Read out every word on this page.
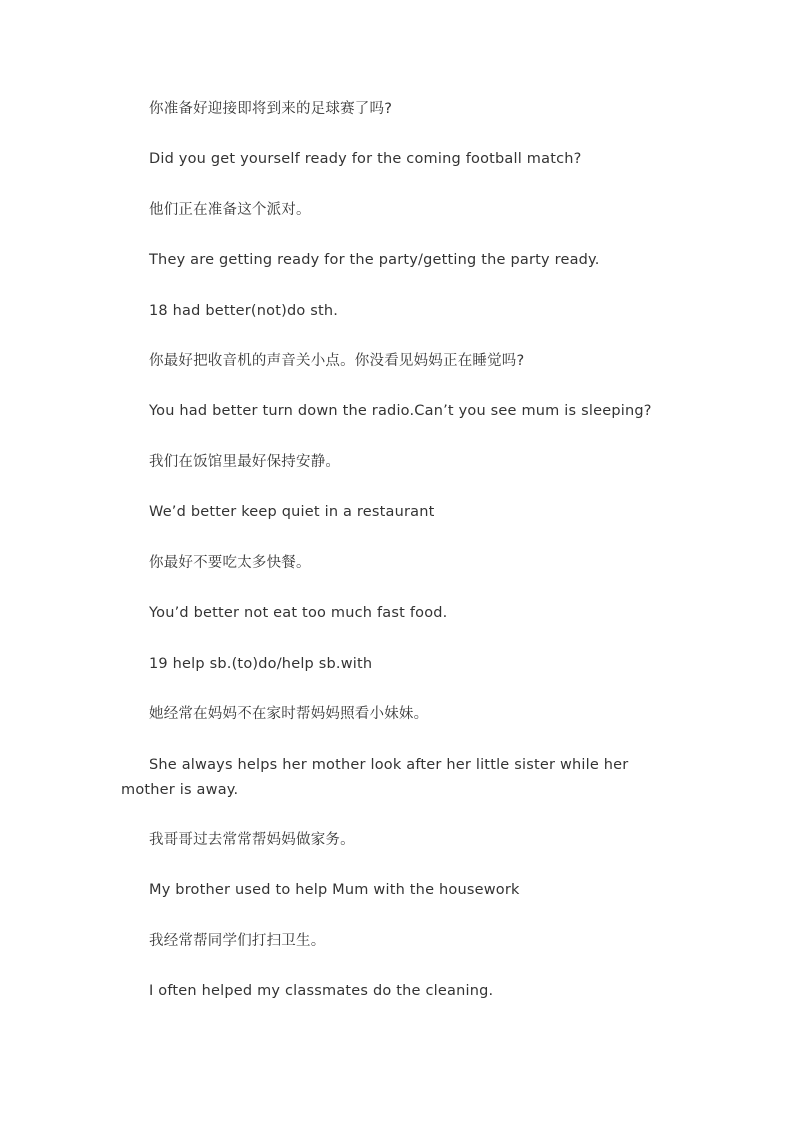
你准备好迎接即将到来的足球赛了吗?

Did you get yourself ready for the coming football match?

他们正在准备这个派对。

They are getting ready for the party/getting the party ready.

18 had better(not)do sth.

你最好把收音机的声音关小点。你没看见妈妈正在睡觉吗?

You had better turn down the radio.Can’t you see mum is sleeping?

我们在饭馆里最好保持安静。

We’d better keep quiet in a restaurant

你最好不要吃太多快餐。

You’d better not eat too much fast food.

19 help sb.(to)do/help sb.with

她经常在妈妈不在家时帮妈妈照看小妹妹。

She always helps her mother look after her little sister while her mother is away.

我哥哥过去常常帮妈妈做家务。

My brother used to help Mum with the housework

我经常帮同学们打扫卫生。

I often helped my classmates do the cleaning.
